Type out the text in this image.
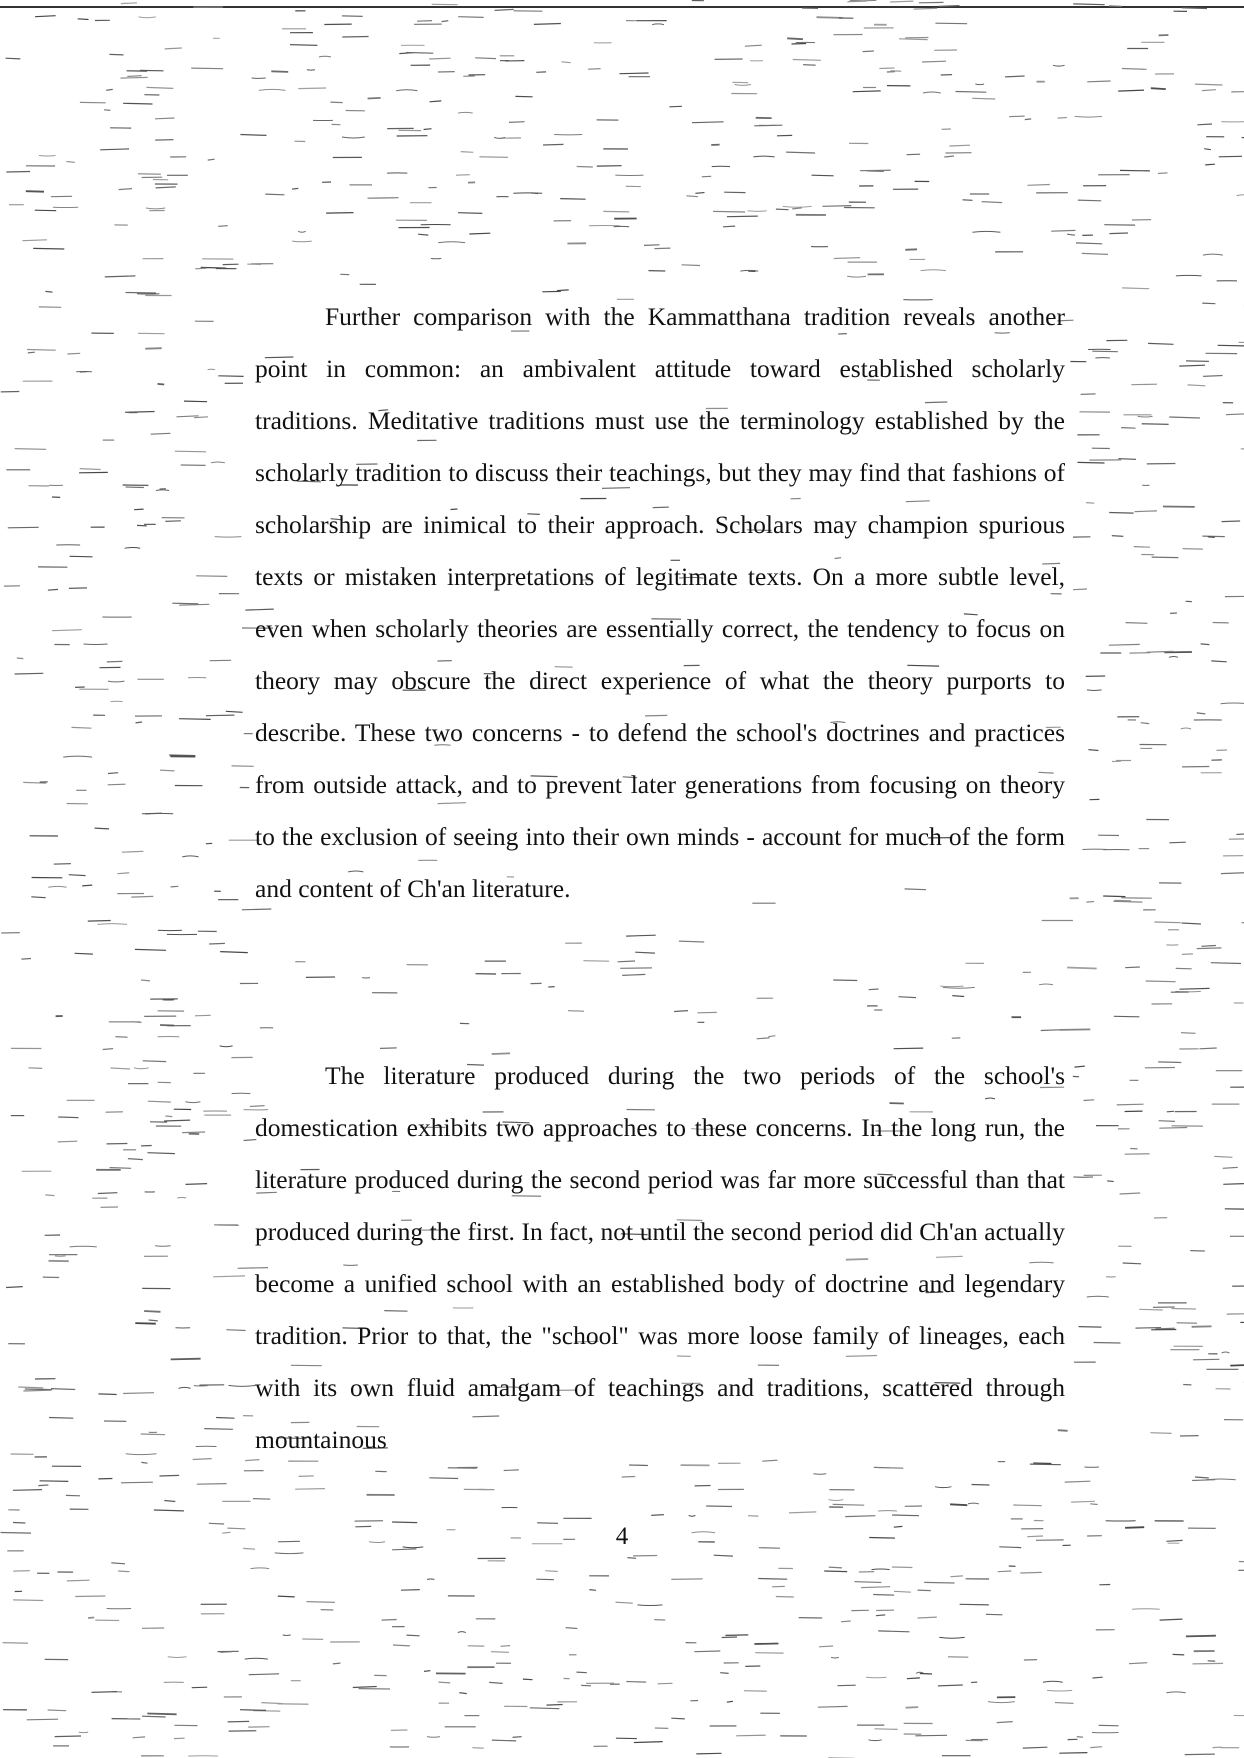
Further comparison with the Kammatthana tradition reveals another point in common: an ambivalent attitude toward established scholarly traditions. Meditative traditions must use the terminology established by the scholarly tradition to discuss their teachings, but they may find that fashions of scholarship are inimical to their approach. Scholars may champion spurious texts or mistaken interpretations of legitimate texts. On a more subtle level, even when scholarly theories are essentially correct, the tendency to focus on theory may obscure the direct experience of what the theory purports to describe. These two concerns - to defend the school's doctrines and practices from outside attack, and to prevent later generations from focusing on theory to the exclusion of seeing into their own minds - account for much of the form and content of Ch'an literature.

The literature produced during the two periods of the school's domestication exhibits two approaches to these concerns. In the long run, the literature produced during the second period was far more successful than that produced during the first. In fact, not until the second period did Ch'an actually become a unified school with an established body of doctrine and legendary tradition. Prior to that, the "school" was more loose family of lineages, each with its own fluid amalgam of teachings and traditions, scattered through mountainous

4
